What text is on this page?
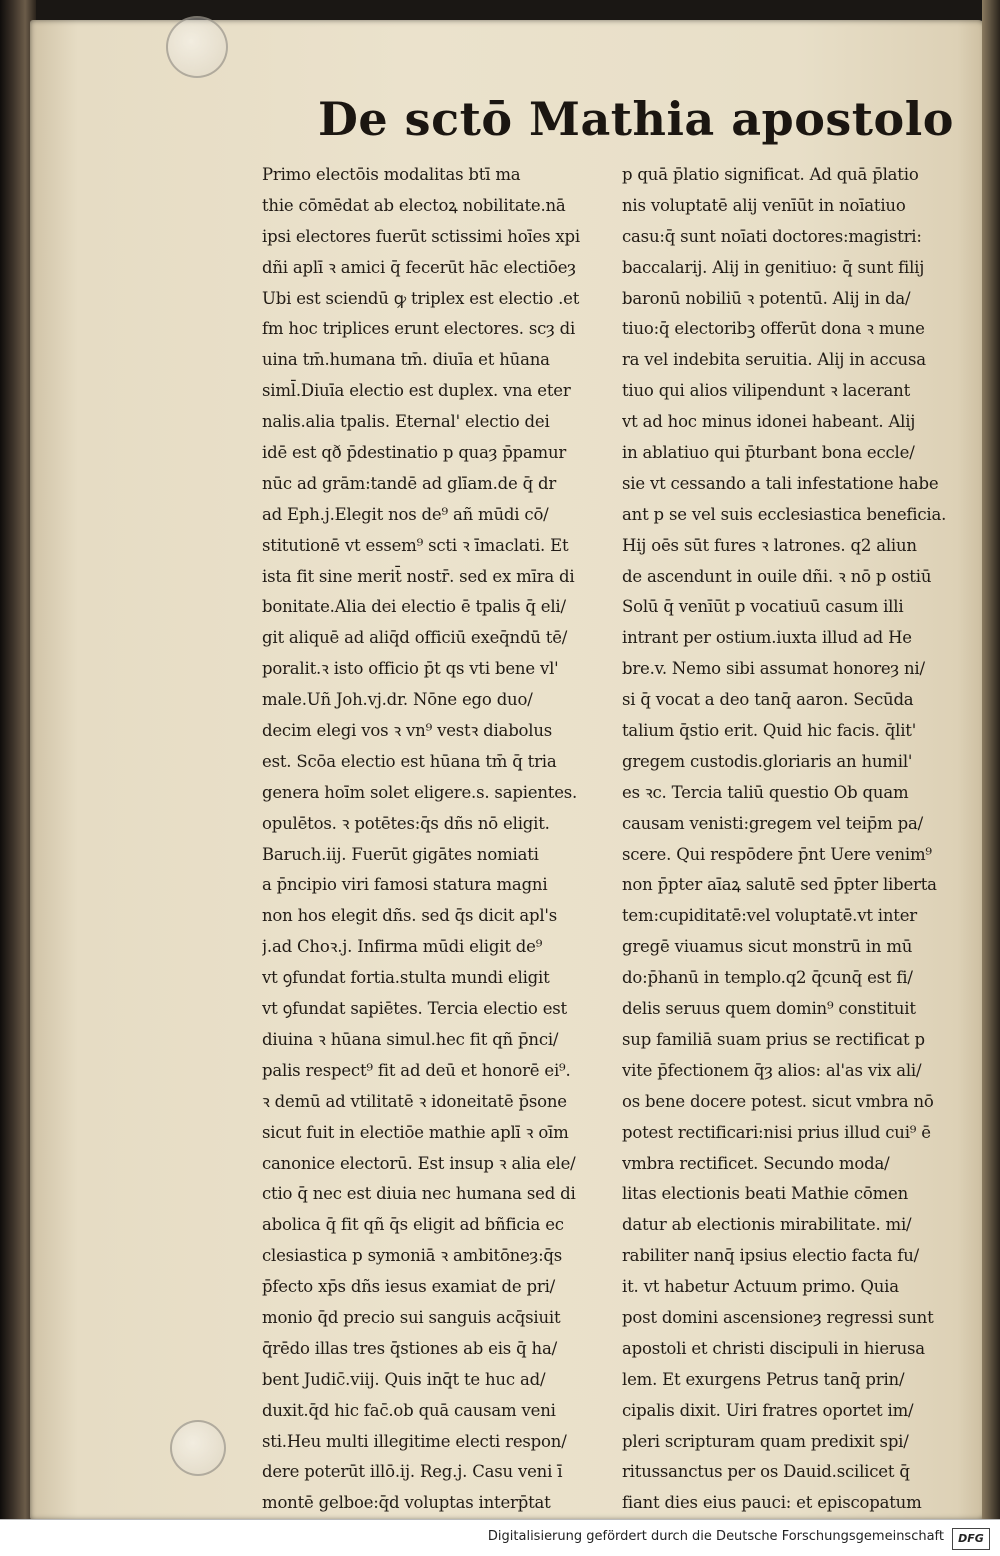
De sctō Mathia apostolo
Primo electōis modalitas btī ma
thie cōmēdat ab electoꝝ nobilitate.nā
ipsi electores fuerūt sctissimi hoīes xpi
dñi aplī ꝛ amici q̄ fecerūt hāc electiōeȝ
Ubi est sciendū ꝙ triplex est electio .et
fm hoc triplices erunt electores. scȝ di
uina tm̄.humana tm̄. diuīa et hūana
siml̄.Diuīa electio est duplex. vna eter
nalis.alia tpalis. Eternal' electio dei
idē est qð p̄destinatio p quaȝ p̄pamur
nūc ad grām:tandē ad glīam.de q̄ dr
ad Eph.j.Elegit nos de⁹ añ mūdi cō/
stitutionē vt essem⁹ scti ꝛ īmaclati. Et
ista fit sine merit̄ nostr̄. sed ex mīra di
bonitate.Alia dei electio ē tpalis q̄ eli/
git aliquē ad aliq̄d officiū exeq̄ndū tē/
poralit.ꝛ isto officio p̄t qs vti bene vl'
male.Uñ Joh.vj.dr. Nōne ego duo/
decim elegi vos ꝛ vn⁹ vestꝛ diabolus
est. Scōa electio est hūana tm̄ q̄ tria
genera hoīm solet eligere.s. sapientes.
opulētos. ꝛ potētes:q̄s dñs nō eligit.
Baruch.iij. Fuerūt gigātes nomiati
a p̄ncipio viri famosi statura magni
non hos elegit dñs. sed q̄s dicit apl's
j.ad Choꝛ.j. Infirma mūdi eligit de⁹
vt ꝯfundat fortia.stulta mundi eligit
vt ꝯfundat sapiētes. Tercia electio est
diuina ꝛ hūana simul.hec fit qñ p̄nci/
palis respect⁹ fit ad deū et honorē ei⁹.
ꝛ demū ad vtilitatē ꝛ idoneitatē p̄sone
sicut fuit in electiōe mathie aplī ꝛ oīm
canonice electorū. Est insup ꝛ alia ele/
ctio q̄ nec est diuia nec humana sed di
abolica q̄ fit qñ q̄s eligit ad bñficia ec
clesiastica p symoniā ꝛ ambitōneȝ:q̄s
p̄fecto xp̄s dñs iesus examiat de pri/
monio q̄d precio sui sanguis acq̄siuit
q̄rēdo illas tres q̄stiones ab eis q̄ ha/
bent Judic̄.viij. Quis inq̄t te huc ad/
duxit.q̄d hic fac̄.ob quā causam veni
sti.Heu multi illegitime electi respon/
dere poterūt illō.ij. Reg.j. Casu veni ī
montē gelboe:q̄d voluptas interp̄tat
p quā p̄latio significat. Ad quā p̄latio
nis voluptatē alij venīūt in noīatiuo
casu:q̄ sunt noīati doctores:magistri:
baccalarij. Alij in genitiuo: q̄ sunt filij
baronū nobiliū ꝛ potentū. Alij in da/
tiuo:q̄ electoribꝫ offerūt dona ꝛ mune
ra vel indebita seruitia. Alij in accusa
tiuo qui alios vilipendunt ꝛ lacerant
vt ad hoc minus idonei habeant. Alij
in ablatiuo qui p̄turbant bona eccle/
sie vt cessando a tali infestatione habe
ant p se vel suis ecclesiastica beneficia.
Hij oēs sūt fures ꝛ latrones. q2 aliun
de ascendunt in ouile dñi. ꝛ nō p ostiū
Solū q̄ venīūt p vocatiuū casum illi
intrant per ostium.iuxta illud ad He
bre.v. Nemo sibi assumat honoreȝ ni/
si q̄ vocat a deo tanq̄ aaron. Secūda
talium q̄stio erit. Quid hic facis. q̄lit'
gregem custodis.gloriaris an humil'
es ꝛc. Tercia taliū questio Ob quam
causam venisti:gregem vel teip̄m pa/
scere. Qui respōdere p̄nt Uere venim⁹
non p̄pter aīaꝝ salutē sed p̄pter liberta
tem:cupiditatē:vel voluptatē.vt inter
gregē viuamus sicut monstrū in mū
do:p̄hanū in templo.q2 q̄cunq̄ est fi/
delis seruus quem domin⁹ constituit
sup familiā suam prius se rectificat p
vite p̄fectionem q̄ȝ alios: al'as vix ali/
os bene docere potest. sicut vmbra nō
potest rectificari:nisi prius illud cui⁹ ē
vmbra rectificet. Secundo moda/
litas electionis beati Mathie cōmen
datur ab electionis mirabilitate. mi/
rabiliter nanq̄ ipsius electio facta fu/
it. vt habetur Actuum primo. Quia
post domini ascensioneȝ regressi sunt
apostoli et christi discipuli in hierusa
lem. Et exurgens Petrus tanq̄ prin/
cipalis dixit. Uiri fratres oportet im/
pleri scripturam quam predixit spi/
ritussanctus per os Dauid.scilicet q̄
fiant dies eius pauci: et episcopatum
Digitalisierung gefördert durch die Deutsche Forschungsgemeinschaft	DFG
